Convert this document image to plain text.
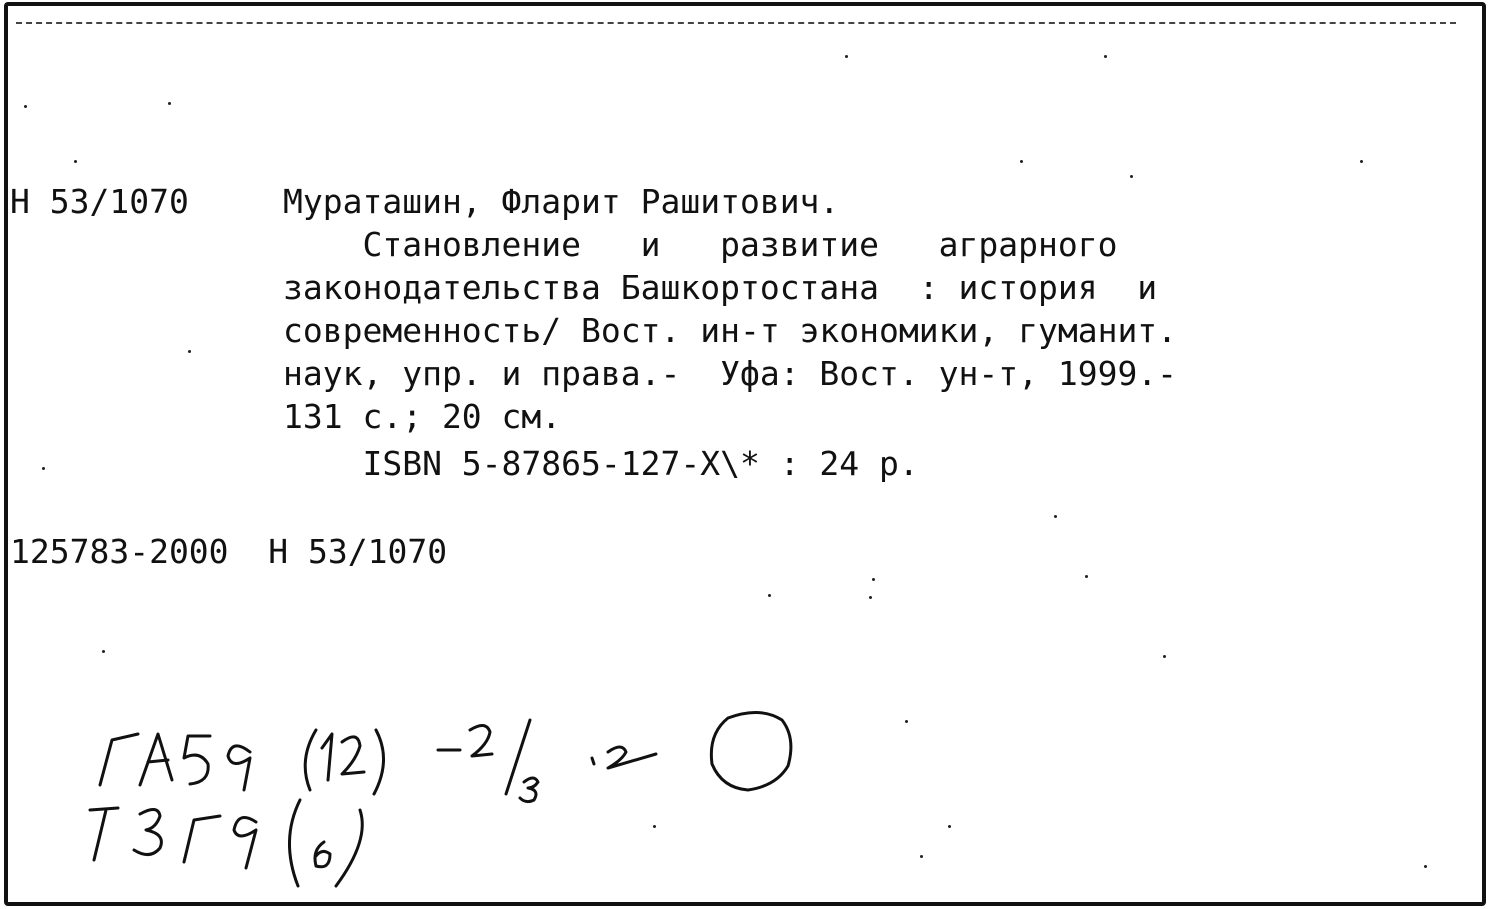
Н 53/1070	Мураташин, Фларит Рашитович.
Становление   и   развитие   аграрного
законодательства Башкортостана  : история  и
современность/ Вост. ин-т экономики, гуманит.
наук, упр. и права.-  Уфа: Вост. ун-т, 1999.-
131 с.; 20 см.
ISBN 5-87865-127-X\* : 24 р.
125783-2000  Н 53/1070
